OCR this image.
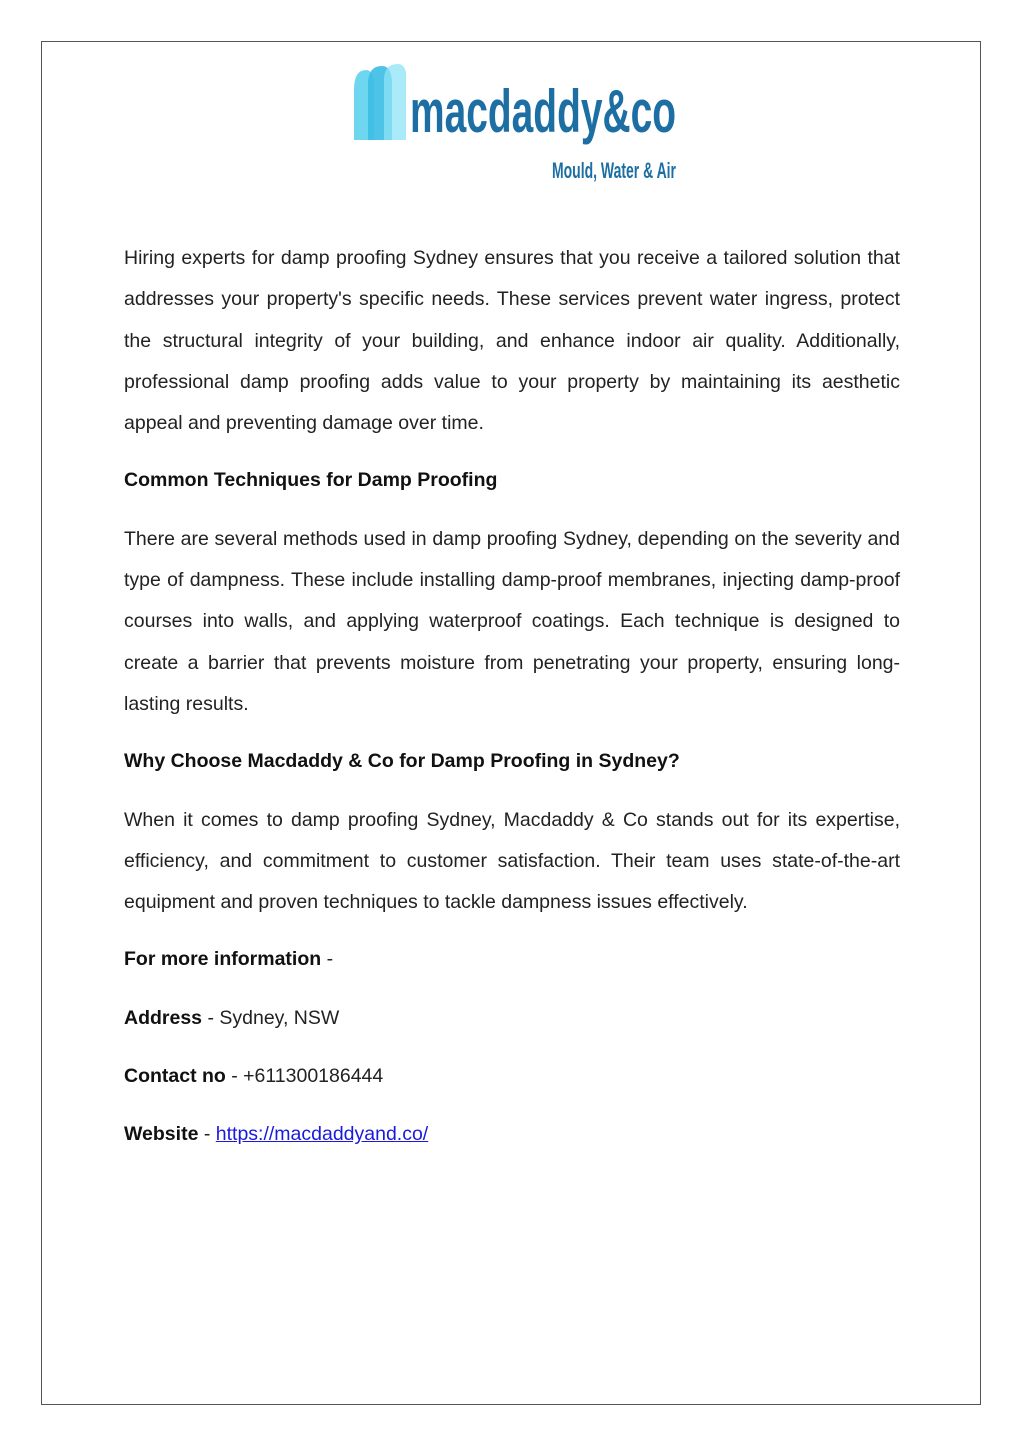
macdaddy&co
Mould, Water & Air

Hiring experts for damp proofing Sydney ensures that you receive a tailored solution that addresses your property's specific needs. These services prevent water ingress, protect the structural integrity of your building, and enhance indoor air quality. Additionally, professional damp proofing adds value to your property by maintaining its aesthetic appeal and preventing damage over time.

Common Techniques for Damp Proofing

There are several methods used in damp proofing Sydney, depending on the severity and type of dampness. These include installing damp-proof membranes, injecting damp-proof courses into walls, and applying waterproof coatings. Each technique is designed to create a barrier that prevents moisture from penetrating your property, ensuring long-lasting results.

Why Choose Macdaddy & Co for Damp Proofing in Sydney?

When it comes to damp proofing Sydney, Macdaddy & Co stands out for its expertise, efficiency, and commitment to customer satisfaction. Their team uses state-of-the-art equipment and proven techniques to tackle dampness issues effectively.

For more information -
Address - Sydney, NSW
Contact no - +611300186444
Website - https://macdaddyand.co/
